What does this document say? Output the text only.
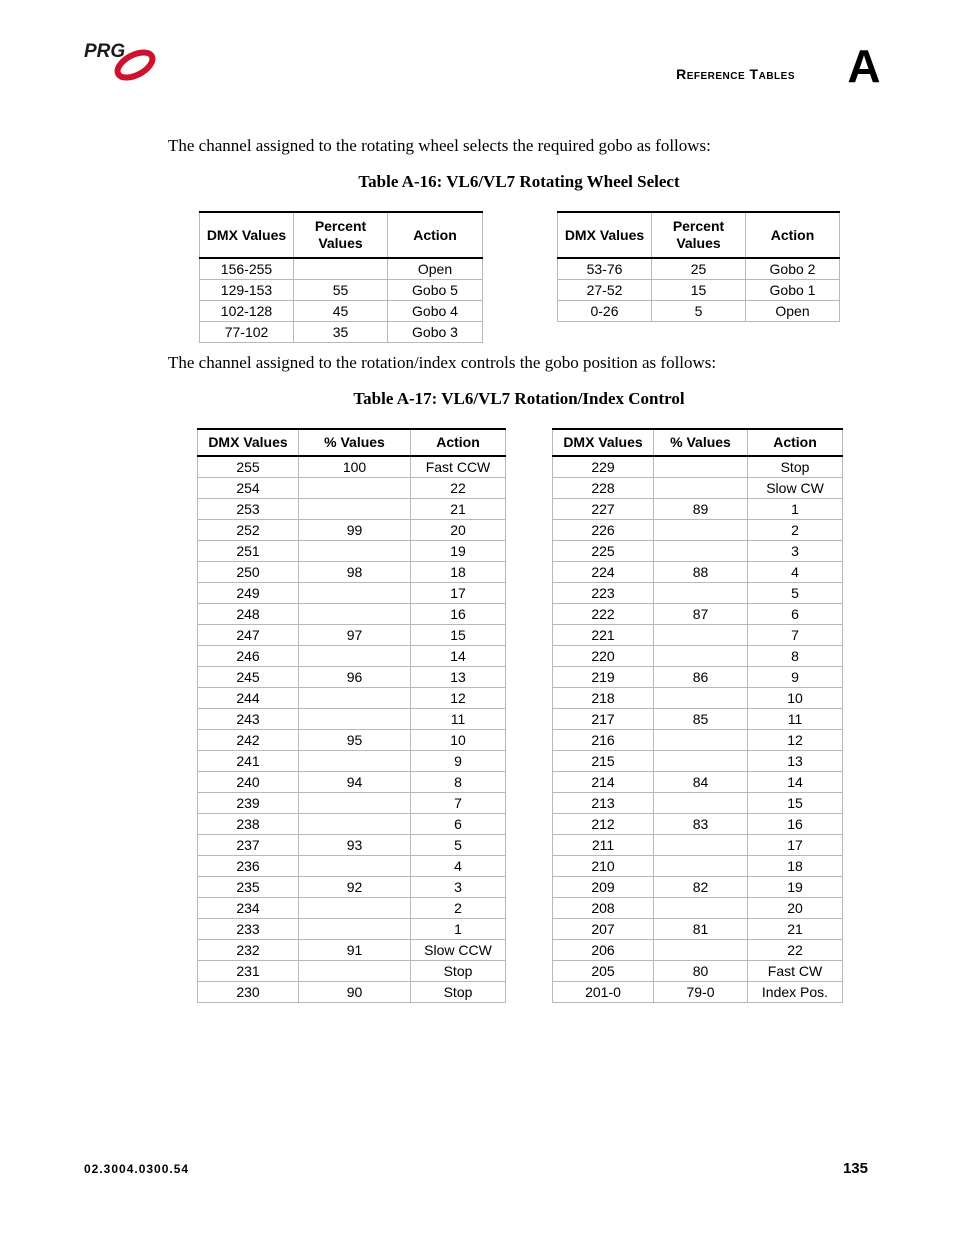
PRG
Reference Tables A
The channel assigned to the rotating wheel selects the required gobo as follows:
Table A-16: VL6/VL7 Rotating Wheel Select
DMX Values	Percent Values	Action
156-255		Open
129-153	55	Gobo 5
102-128	45	Gobo 4
77-102	35	Gobo 3
DMX Values	Percent Values	Action
53-76	25	Gobo 2
27-52	15	Gobo 1
0-26	5	Open
The channel assigned to the rotation/index controls the gobo position as follows:
Table A-17: VL6/VL7 Rotation/Index Control
DMX Values	% Values	Action
255	100	Fast CCW
254		22
253		21
252	99	20
251		19
250	98	18
249		17
248		16
247	97	15
246		14
245	96	13
244		12
243		11
242	95	10
241		9
240	94	8
239		7
238		6
237	93	5
236		4
235	92	3
234		2
233		1
232	91	Slow CCW
231		Stop
230	90	Stop
DMX Values	% Values	Action
229		Stop
228		Slow CW
227	89	1
226		2
225		3
224	88	4
223		5
222	87	6
221		7
220		8
219	86	9
218		10
217	85	11
216		12
215		13
214	84	14
213		15
212	83	16
211		17
210		18
209	82	19
208		20
207	81	21
206		22
205	80	Fast CW
201-0	79-0	Index Pos.
02.3004.0300.54	135
